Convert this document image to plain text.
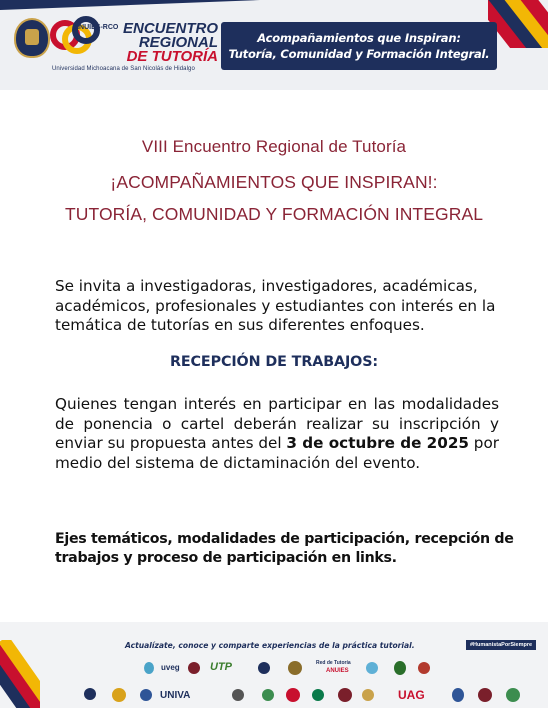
ANUIES-RCO ENCUENTRO
REGIONAL
DE TUTORÍA
Universidad Michoacana de San Nicolás de Hidalgo
Acompañamientos que Inspiran:
Tutoría, Comunidad y Formación Integral.
VIII Encuentro Regional de Tutoría
¡ACOMPAÑAMIENTOS QUE INSPIRAN!:
TUTORÍA, COMUNIDAD Y FORMACIÓN INTEGRAL
Se invita a investigadoras, investigadores, académicas, académicos, profesionales y estudiantes con interés en la temática de tutorías en sus diferentes enfoques.
RECEPCIÓN DE TRABAJOS:
Quienes tengan interés en participar en las modalidades de ponencia o cartel deberán realizar su inscripción y enviar su propuesta antes del 3 de octubre de 2025 por medio del sistema de dictaminación del evento.
Ejes temáticos, modalidades de participación, recepción de trabajos y proceso de participación en links.
Actualízate, conoce y comparte experiencias de la práctica tutorial.	#HumanistaPorSiempre
uveg	UTP	Red de Tutoría
ANUIES
UNIVA	UAG
